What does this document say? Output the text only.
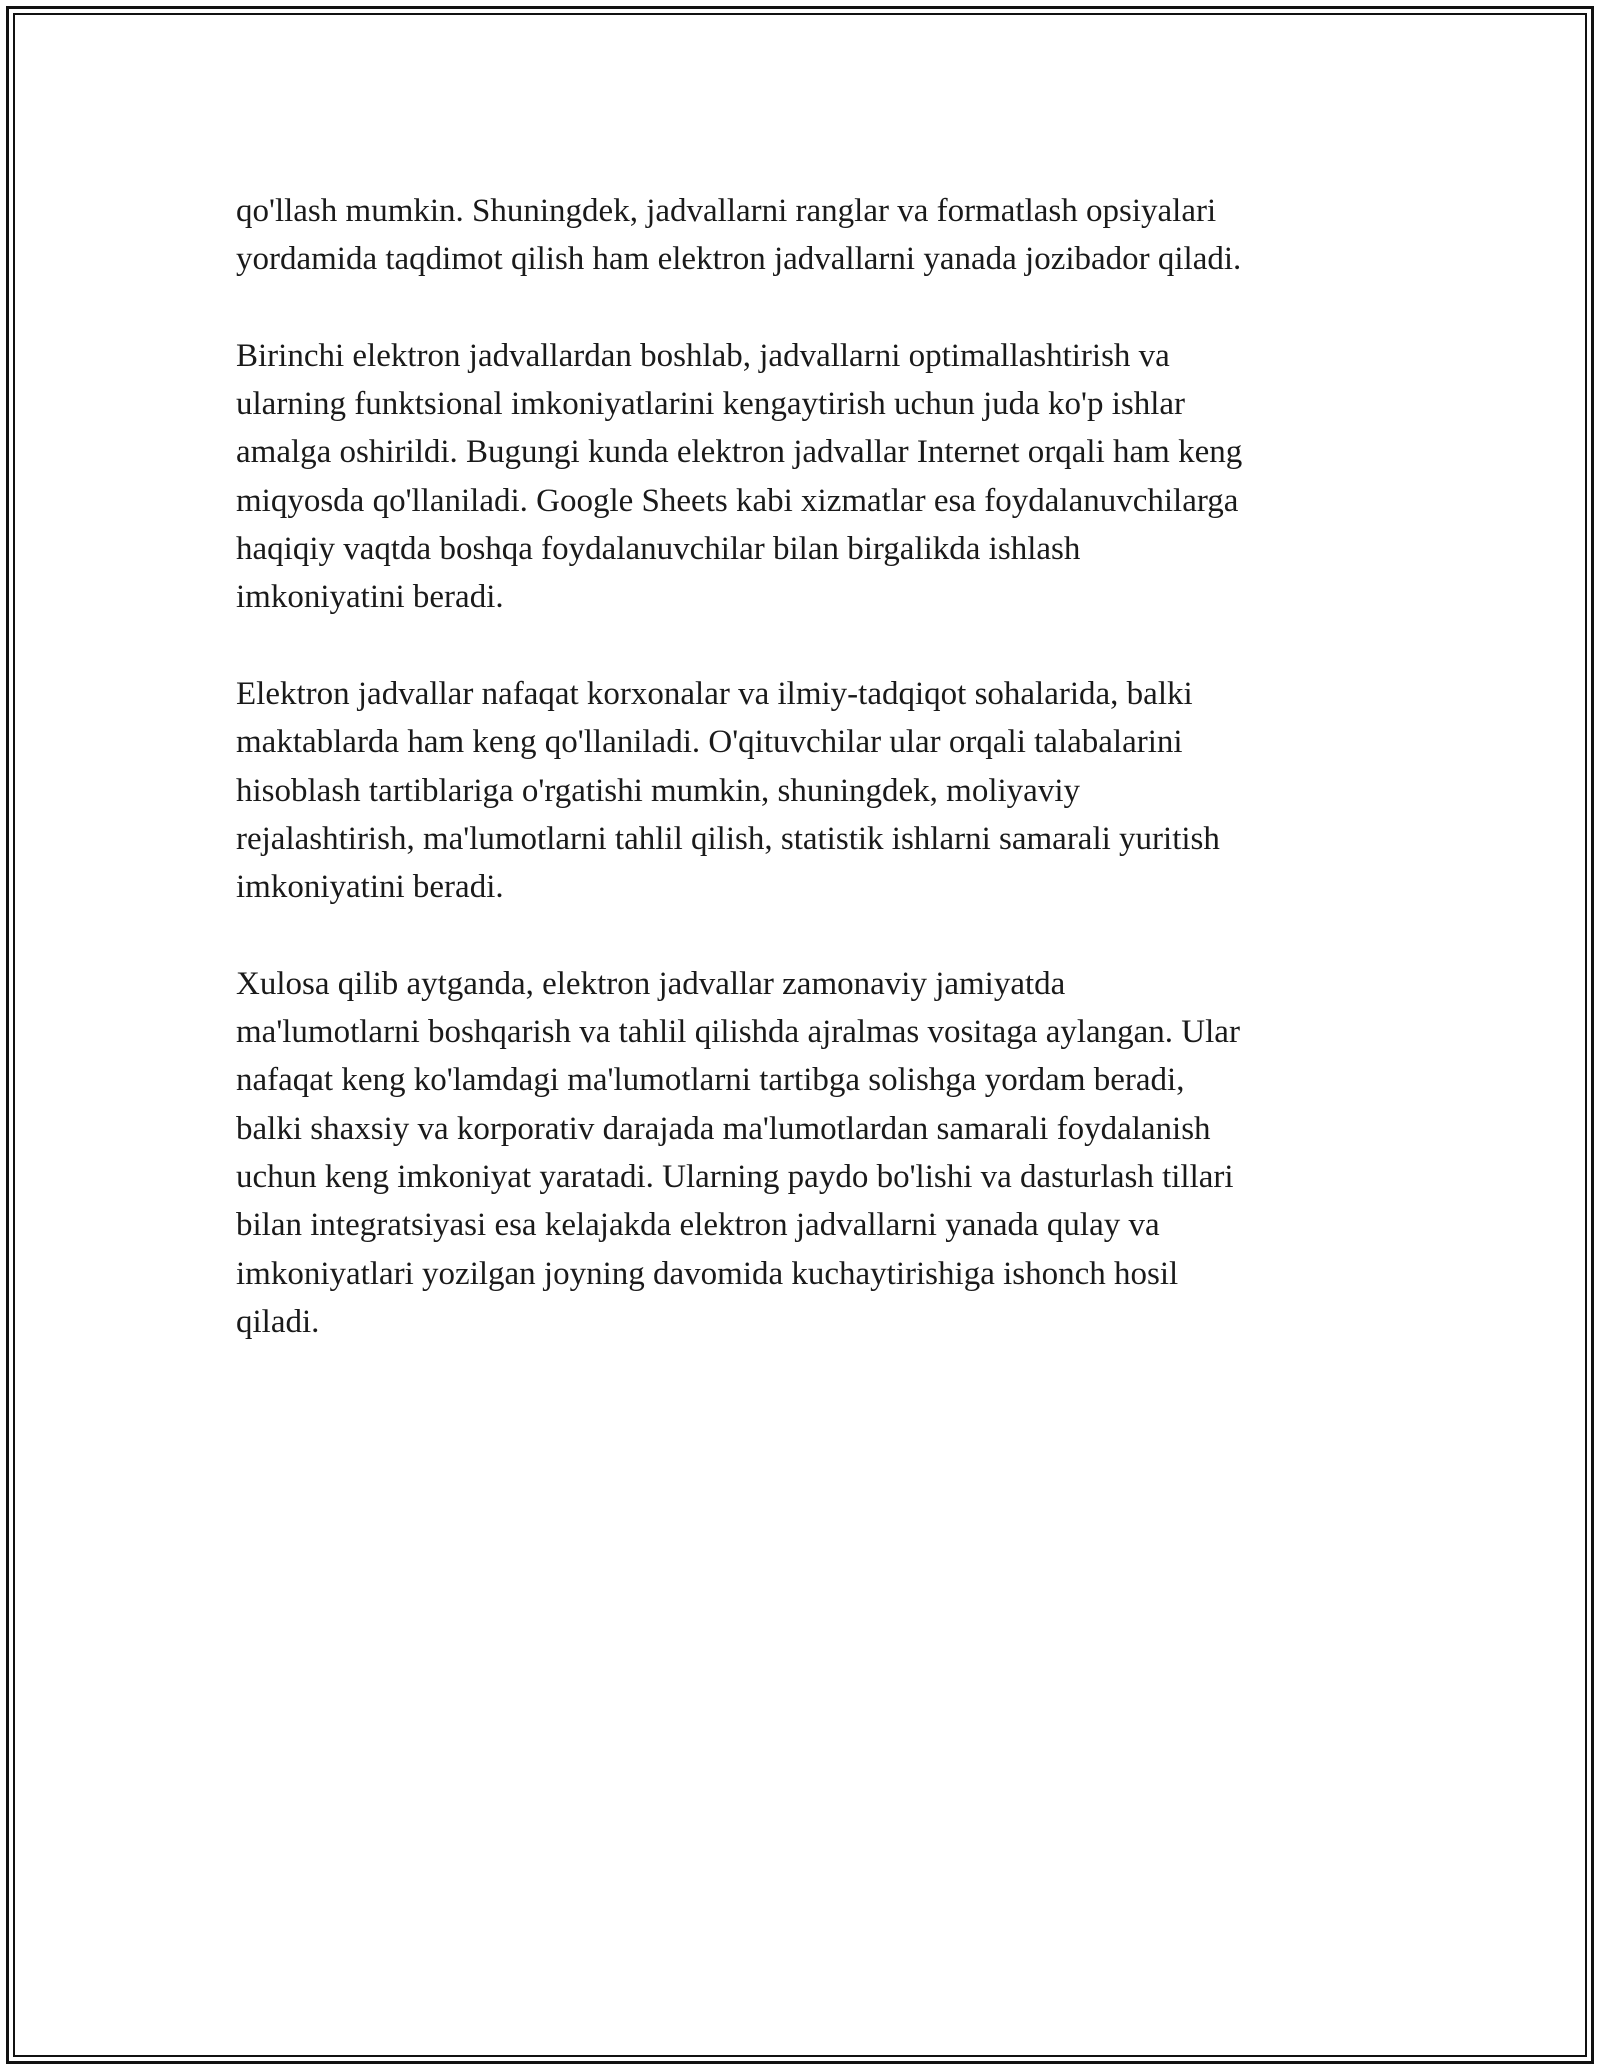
qo'llash mumkin. Shuningdek, jadvallarni ranglar va formatlash opsiyalari
yordamida taqdimot qilish ham elektron jadvallarni yanada jozibador qiladi.

Birinchi elektron jadvallardan boshlab, jadvallarni optimallashtirish va
ularning funktsional imkoniyatlarini kengaytirish uchun juda ko'p ishlar
amalga oshirildi. Bugungi kunda elektron jadvallar Internet orqali ham keng
miqyosda qo'llaniladi. Google Sheets kabi xizmatlar esa foydalanuvchilarga
haqiqiy vaqtda boshqa foydalanuvchilar bilan birgalikda ishlash
imkoniyatini beradi.

Elektron jadvallar nafaqat korxonalar va ilmiy-tadqiqot sohalarida, balki
maktablarda ham keng qo'llaniladi. O'qituvchilar ular orqali talabalarini
hisoblash tartiblariga o'rgatishi mumkin, shuningdek, moliyaviy
rejalashtirish, ma'lumotlarni tahlil qilish, statistik ishlarni samarali yuritish
imkoniyatini beradi.

Xulosa qilib aytganda, elektron jadvallar zamonaviy jamiyatda
ma'lumotlarni boshqarish va tahlil qilishda ajralmas vositaga aylangan. Ular
nafaqat keng ko'lamdagi ma'lumotlarni tartibga solishga yordam beradi,
balki shaxsiy va korporativ darajada ma'lumotlardan samarali foydalanish
uchun keng imkoniyat yaratadi. Ularning paydo bo'lishi va dasturlash tillari
bilan integratsiyasi esa kelajakda elektron jadvallarni yanada qulay va
imkoniyatlari yozilgan joyning davomida kuchaytirishiga ishonch hosil
qiladi.
